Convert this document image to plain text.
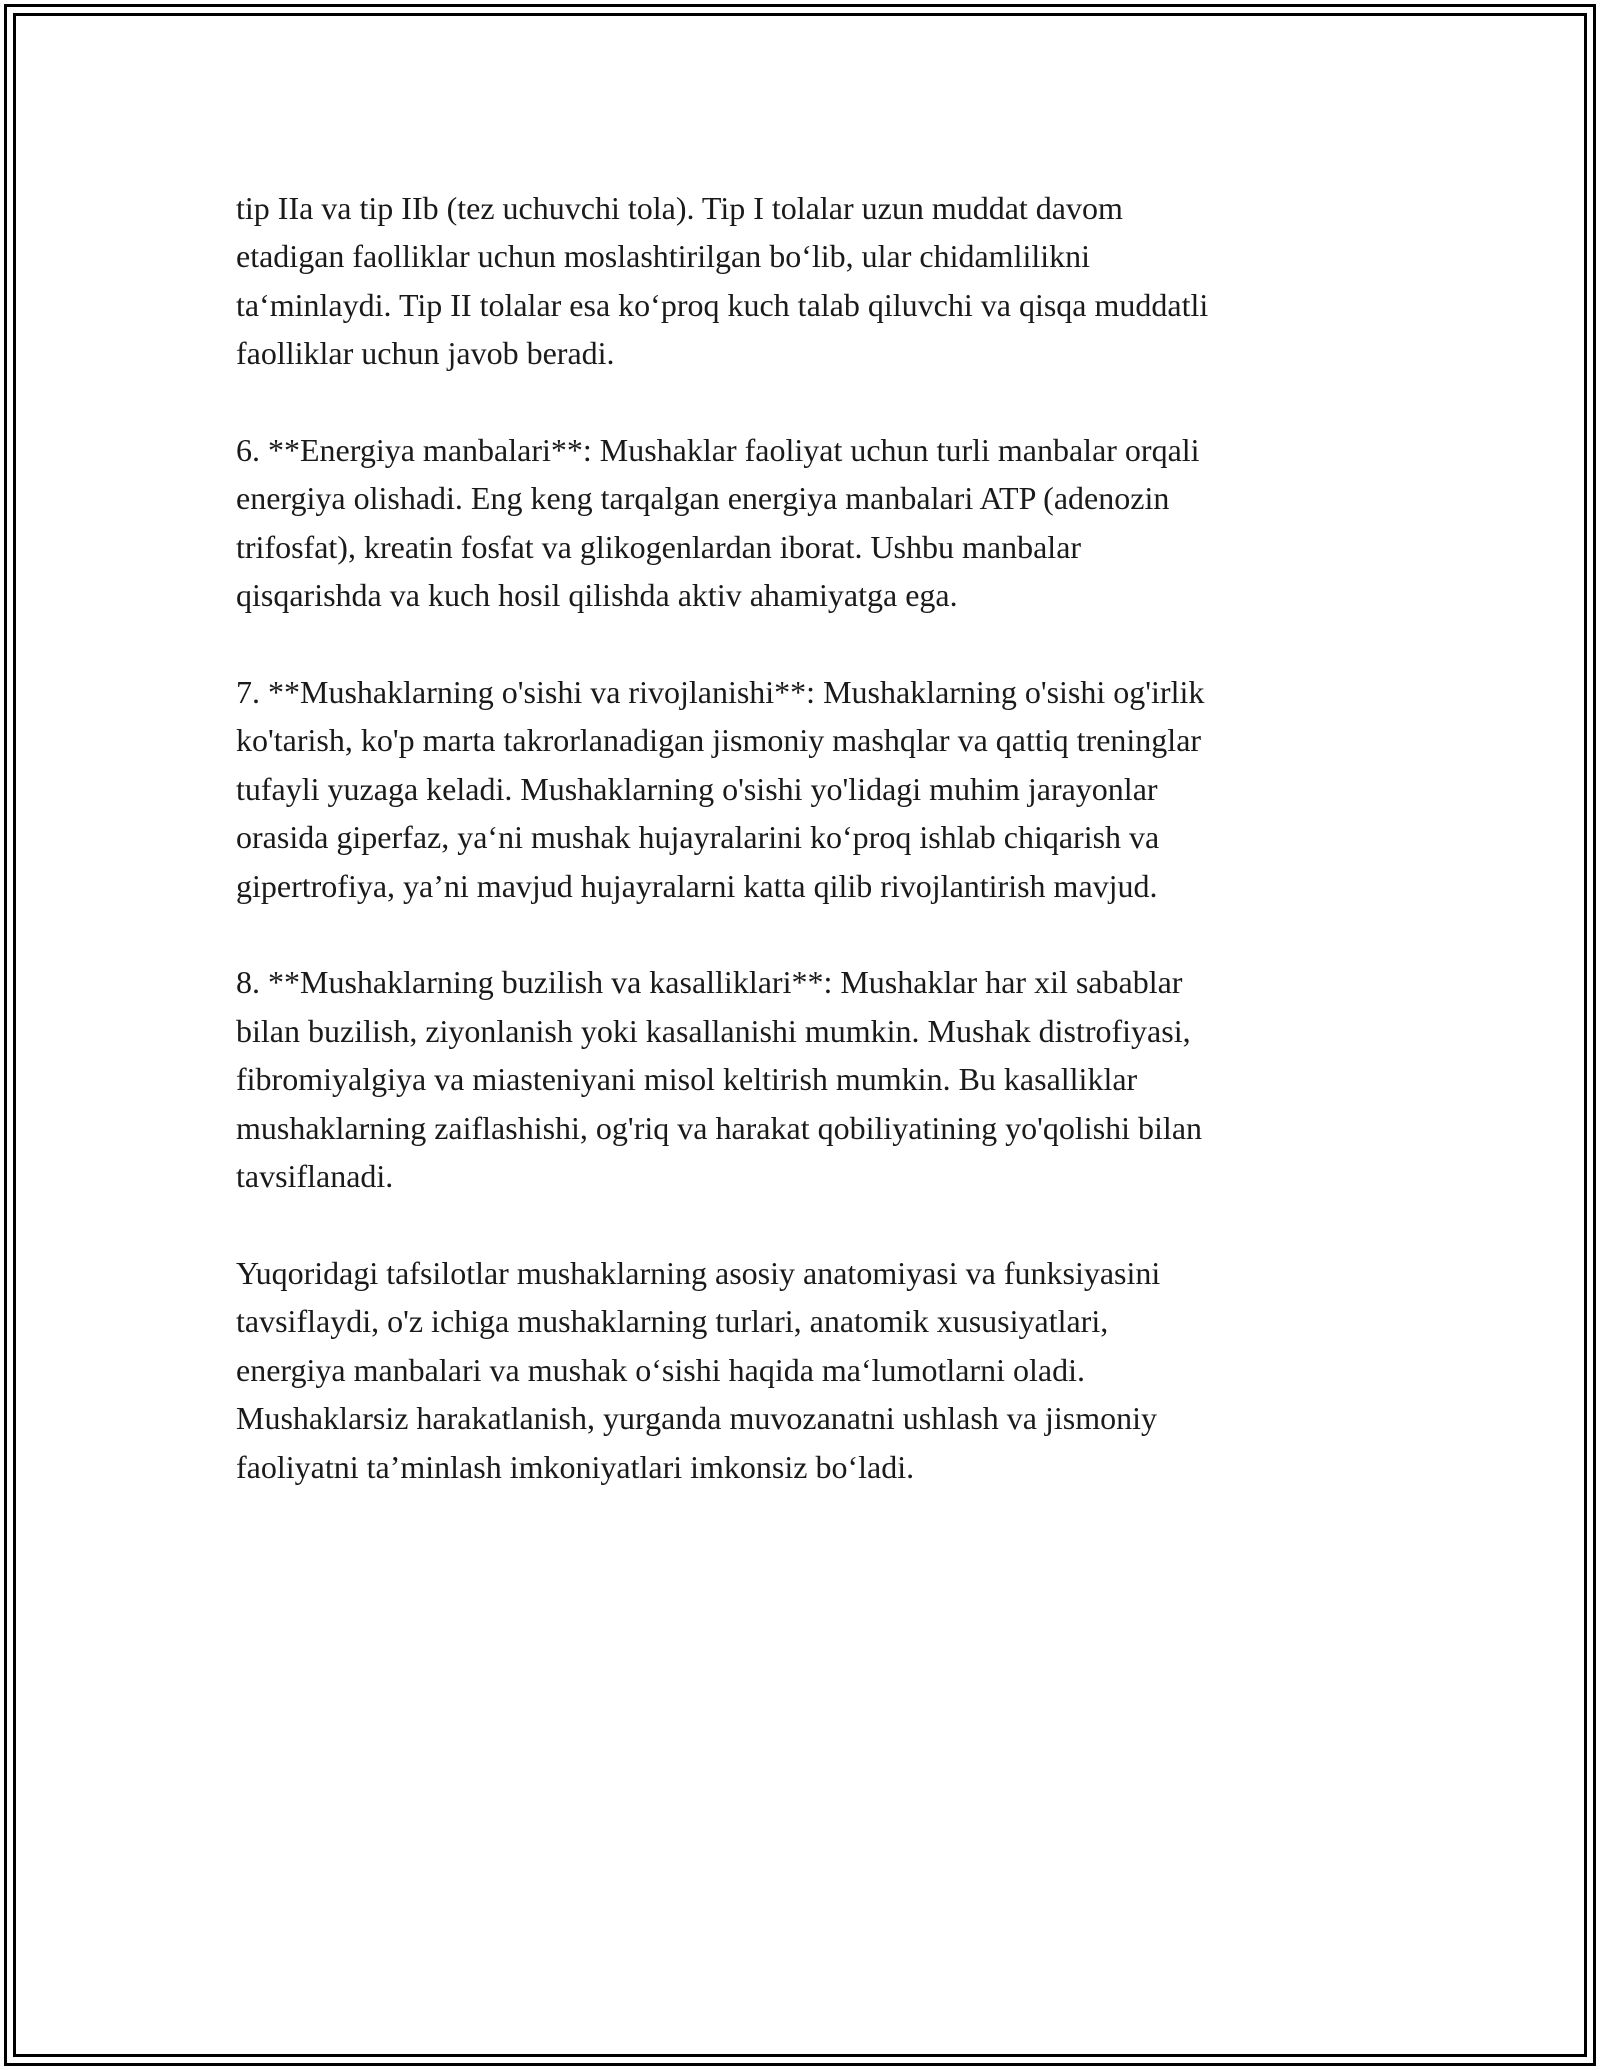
tip IIa va tip IIb (tez uchuvchi tola). Tip I tolalar uzun muddat davom
etadigan faolliklar uchun moslashtirilgan bo‘lib, ular chidamlilikni
ta‘minlaydi. Tip II tolalar esa ko‘proq kuch talab qiluvchi va qisqa muddatli
faolliklar uchun javob beradi.

6. **Energiya manbalari**: Mushaklar faoliyat uchun turli manbalar orqali
energiya olishadi. Eng keng tarqalgan energiya manbalari ATP (adenozin
trifosfat), kreatin fosfat va glikogenlardan iborat. Ushbu manbalar
qisqarishda va kuch hosil qilishda aktiv ahamiyatga ega.

7. **Mushaklarning o'sishi va rivojlanishi**: Mushaklarning o'sishi og'irlik
ko'tarish, ko'p marta takrorlanadigan jismoniy mashqlar va qattiq treninglar
tufayli yuzaga keladi. Mushaklarning o'sishi yo'lidagi muhim jarayonlar
orasida giperfaz, ya‘ni mushak hujayralarini ko‘proq ishlab chiqarish va
gipertrofiya, ya’ni mavjud hujayralarni katta qilib rivojlantirish mavjud.

8. **Mushaklarning buzilish va kasalliklari**: Mushaklar har xil sabablar
bilan buzilish, ziyonlanish yoki kasallanishi mumkin. Mushak distrofiyasi,
fibromiyalgiya va miasteniyani misol keltirish mumkin. Bu kasalliklar
mushaklarning zaiflashishi, og'riq va harakat qobiliyatining yo'qolishi bilan
tavsiflanadi.

Yuqoridagi tafsilotlar mushaklarning asosiy anatomiyasi va funksiyasini
tavsiflaydi, o'z ichiga mushaklarning turlari, anatomik xususiyatlari,
energiya manbalari va mushak o‘sishi haqida ma‘lumotlarni oladi.
Mushaklarsiz harakatlanish, yurganda muvozanatni ushlash va jismoniy
faoliyatni ta’minlash imkoniyatlari imkonsiz bo‘ladi.
